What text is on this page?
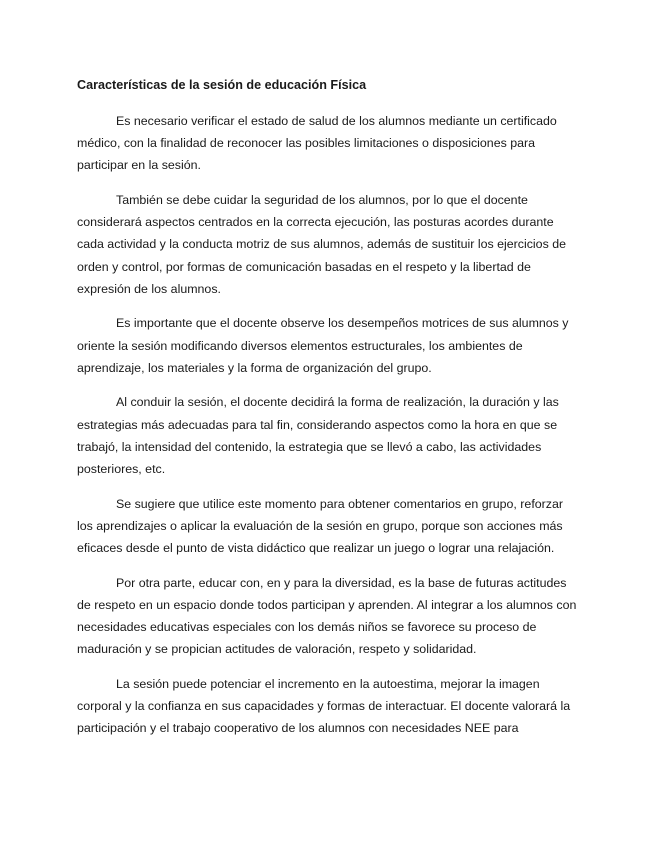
Características de la sesión de educación Física

Es necesario verificar el estado de salud de los alumnos mediante un certificado médico, con la finalidad de reconocer las posibles limitaciones o disposiciones para participar en la sesión.

También se debe cuidar la seguridad de los alumnos, por lo que el docente considerará aspectos centrados en la correcta ejecución, las posturas acordes durante cada actividad y la conducta motriz de sus alumnos, además de sustituir los ejercicios de orden y control, por formas de comunicación basadas en el respeto y la libertad de expresión de los alumnos.

Es importante que el docente observe los desempeños motrices de sus alumnos y oriente la sesión modificando diversos elementos estructurales, los ambientes de aprendizaje, los materiales y la forma de organización del grupo.

Al conduir la sesión, el docente decidirá la forma de realización, la duración y las estrategias más adecuadas para tal fin, considerando aspectos como la hora en que se trabajó, la intensidad del contenido, la estrategia que se llevó a cabo, las actividades posteriores, etc.

Se sugiere que utilice este momento para obtener comentarios en grupo, reforzar los aprendizajes o aplicar la evaluación de la sesión en grupo, porque son acciones más eficaces desde el punto de vista didáctico que realizar un juego o lograr una relajación.

Por otra parte, educar con, en y para la diversidad, es la base de futuras actitudes de respeto en un espacio donde todos participan y aprenden. Al integrar a los alumnos con necesidades educativas especiales con los demás niños se favorece su proceso de maduración y se propician actitudes de valoración, respeto y solidaridad.

La sesión puede potenciar el incremento en la autoestima, mejorar la imagen corporal y la confianza en sus capacidades y formas de interactuar. El docente valorará la participación y el trabajo cooperativo de los alumnos con necesidades NEE para
